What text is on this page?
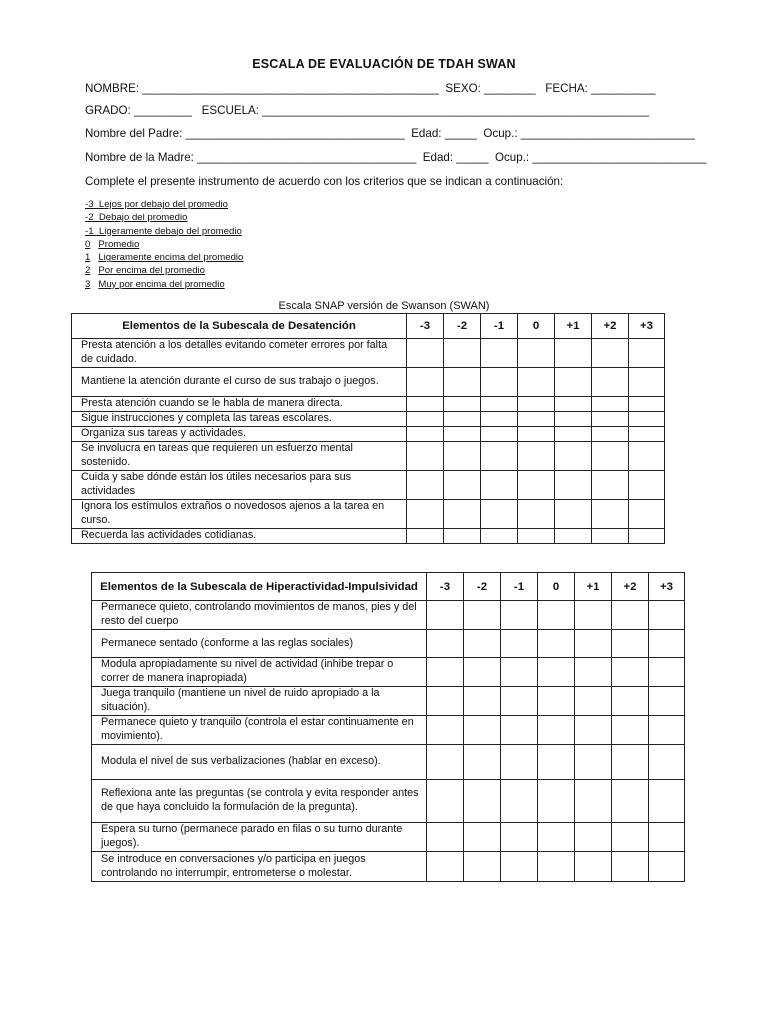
ESCALA DE EVALUACIÓN DE TDAH SWAN
NOMBRE: ______________________________________________  SEXO: ________   FECHA: __________
GRADO: _________   ESCUELA: ____________________________________________________________
Nombre del Padre: __________________________________  Edad: _____  Ocup.: ___________________________
Nombre de la Madre: __________________________________  Edad: _____  Ocup.: ___________________________
Complete el presente instrumento de acuerdo con los criterios que se indican a continuación:
-3 Lejos por debajo del promedio
-2 Debajo del promedio
-1 Ligeramente debajo del promedio
0 Promedio
1 Ligeramente encima del promedio
2 Por encima del promedio
3 Muy por encima del promedio
Escala SNAP versión de Swanson (SWAN)
Elementos de la Subescala de Desatención	-3	-2	-1	0	+1	+2	+3
Presta atención a los detalles evitando cometer errores por falta de cuidado.							
Mantiene la atención durante el curso de sus trabajo o juegos.							
Presta atención cuando se le habla de manera directa.							
Sigue instrucciones y completa las tareas escolares.							
Organiza sus tareas y actividades.							
Se involucra en tareas que requieren un esfuerzo mental sostenido.							
Cuida y sabe dónde están los útiles necesarios para sus actividades							
Ignora los estímulos extraños o novedosos ajenos a la tarea en curso.							
Recuerda las actividades cotidianas.							
Elementos de la Subescala de Hiperactividad-Impulsividad	-3	-2	-1	0	+1	+2	+3
Permanece quieto, controlando movimientos de manos, pies y del resto del cuerpo							
Permanece sentado (conforme a las reglas sociales)							
Modula apropiadamente su nivel de actividad (inhibe trepar o correr de manera inapropiada)							
Juega tranquilo (mantiene un nivel de ruido apropiado a la situación).							
Permanece quieto y tranquilo (controla el estar continuamente en movimiento).							
Modula el nivel de sus verbalizaciones (hablar en exceso).							
Reflexiona ante las preguntas (se controla y evita responder antes de que haya concluido la formulación de la pregunta).							
Espera su turno (permanece parado en filas o su turno durante juegos).							
Se introduce en conversaciones y/o participa en juegos controlando no interrumpir, entrometerse o molestar.							
